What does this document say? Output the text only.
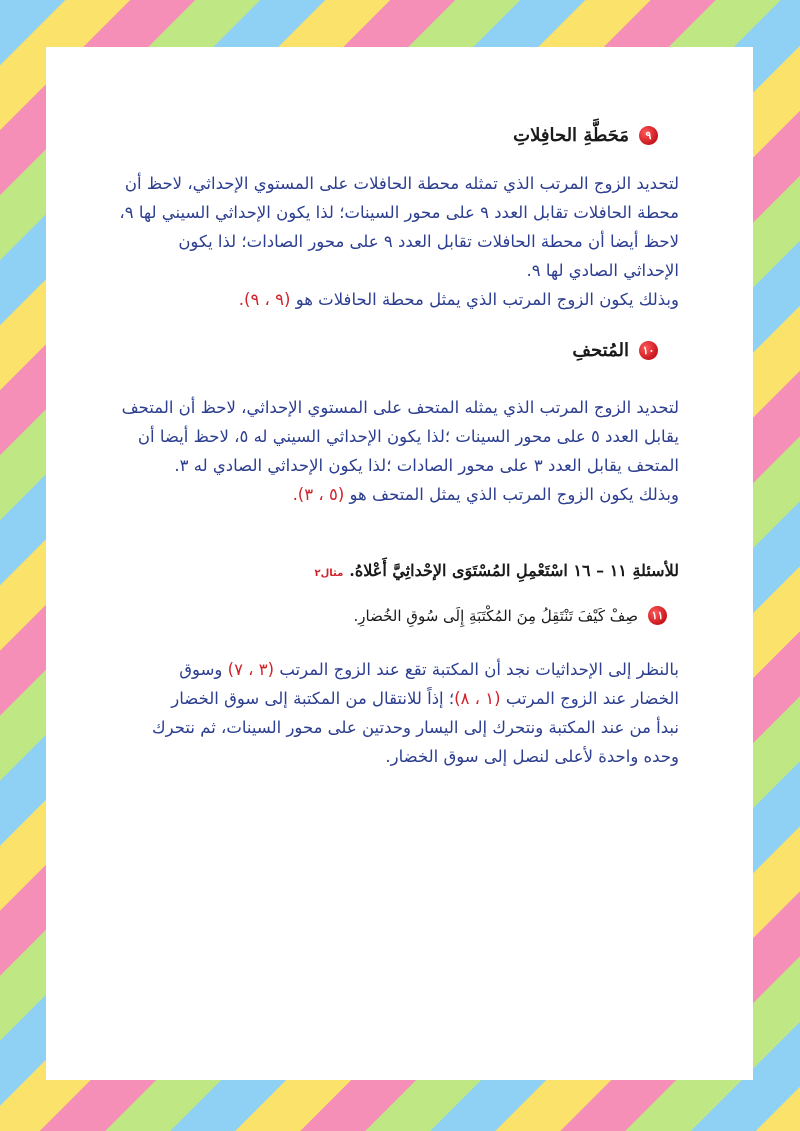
٩
مَحَطَّةِ الحافِلاتِ
لتحديد الزوج المرتب الذي تمثله محطة الحافلات على المستوي الإحداثي، لاحظ أن
محطة الحافلات تقابل العدد ٩ على محور السينات؛ لذا يكون الإحداثي السيني لها ٩،
لاحظ أيضا أن محطة الحافلات تقابل العدد ٩ على محور الصادات؛ لذا يكون
الإحداثي الصادي لها ٩.
وبذلك يكون الزوج المرتب الذي يمثل محطة الحافلات هو (٩ ، ٩).
١٠
المُتحفِ
لتحديد الزوج المرتب الذي يمثله المتحف على المستوي الإحداثي، لاحظ أن المتحف
يقابل العدد ٥ على محور السينات ؛لذا يكون الإحداثي السيني له ٥، لاحظ أيضا أن
المتحف يقابل العدد ٣ على محور الصادات ؛لذا يكون الإحداثي الصادي له ٣.
وبذلك يكون الزوج المرتب الذي يمثل المتحف هو (٥ ، ٣).
للأسئلةِ ١١ – ١٦ اسْتَعْمِلِ المُسْتَوَى الإحْداثِيَّ أَعْلاهُ.
مثال٢
١١
صِفْ كَيْفَ تَنْتَقِلُ مِنَ المُكْتَبَةِ إِلَى سُوقِ الخُضارِ.
بالنظر إلى الإحداثيات نجد أن المكتبة تقع عند الزوج المرتب (٣ ، ٧) وسوق
الخضار عند الزوج المرتب (١ ، ٨)؛ إذاً للانتقال من المكتبة إلى سوق الخضار
نبدأ من عند المكتبة ونتحرك إلى اليسار وحدتين على محور السينات، ثم نتحرك
وحده واحدة لأعلى لنصل إلى سوق الخضار.
